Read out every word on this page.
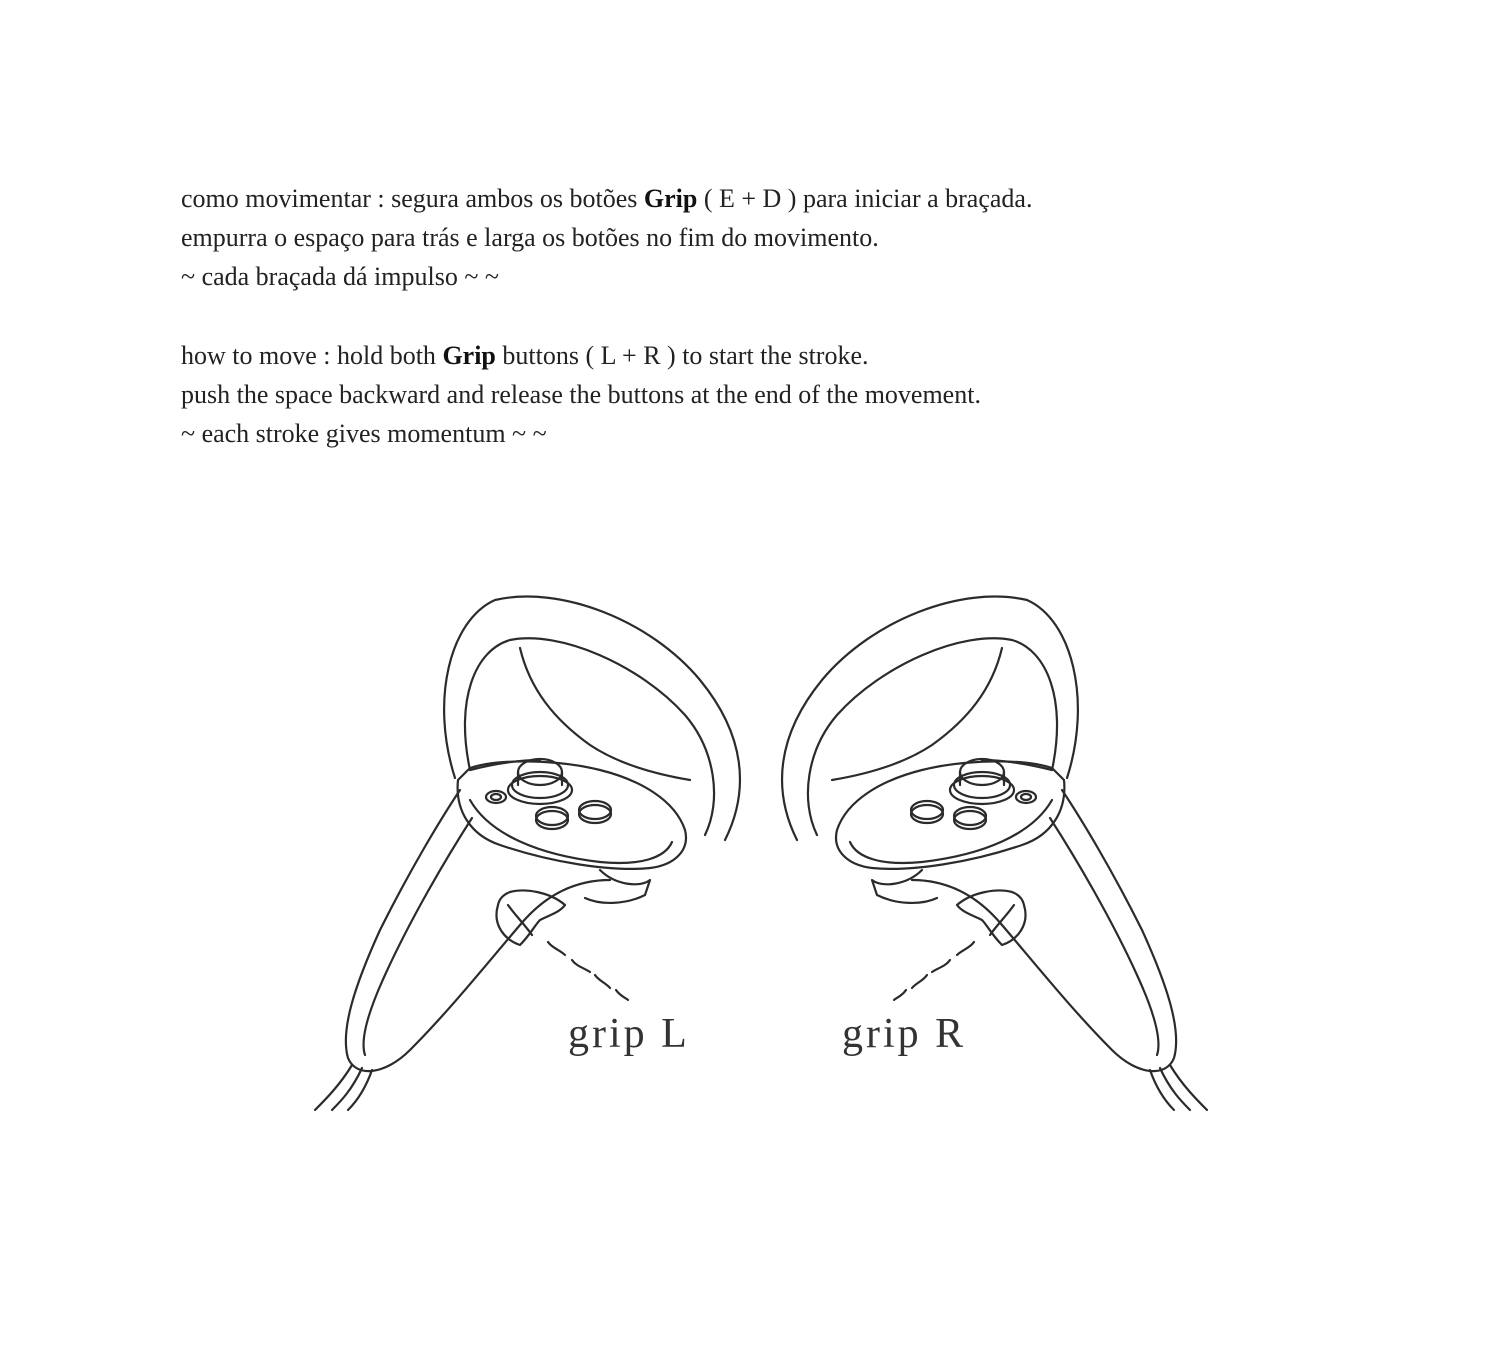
como movimentar : segura ambos os botões Grip ( E + D ) para iniciar a braçada.

empurra o espaço para trás e larga os botões no fim do movimento.

~ cada braçada dá impulso ~ ~

how to move : hold both Grip buttons ( L + R ) to start the stroke.

push the space backward and release the buttons at the end of the movement.

~ each stroke gives momentum ~ ~

grip L	grip R
